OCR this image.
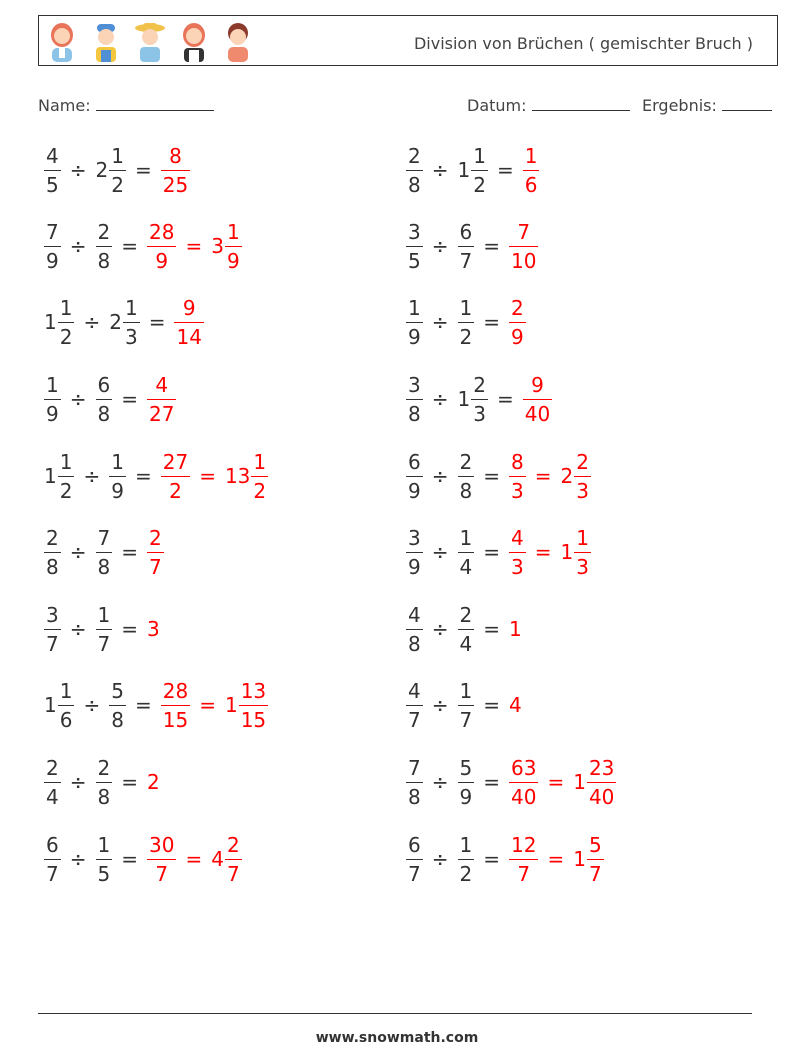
Division von Brüchen ( gemischter Bruch )
Name:	Datum:	Ergebnis:
$\frac{4}{5} \div 2 \frac{1}{2} = \frac{8}{25}$	$\frac{2}{8} \div 1 \frac{1}{2} = \frac{1}{6}$
$\frac{7}{9} \div \frac{2}{8} = \frac{28}{9} = 3 \frac{1}{9}$	$\frac{3}{5} \div \frac{6}{7} = \frac{7}{10}$
$1 \frac{1}{2} \div 2 \frac{1}{3} = \frac{9}{14}$	$\frac{1}{9} \div \frac{1}{2} = \frac{2}{9}$
$\frac{1}{9} \div \frac{6}{8} = \frac{4}{27}$	$\frac{3}{8} \div 1 \frac{2}{3} = \frac{9}{40}$
$1 \frac{1}{2} \div \frac{1}{9} = \frac{27}{2} = 13 \frac{1}{2}$	$\frac{6}{9} \div \frac{2}{8} = \frac{8}{3} = 2 \frac{2}{3}$
$\frac{2}{8} \div \frac{7}{8} = \frac{2}{7}$	$\frac{3}{9} \div \frac{1}{4} = \frac{4}{3} = 1 \frac{1}{3}$
$\frac{3}{7} \div \frac{1}{7} = 3$	$\frac{4}{8} \div \frac{2}{4} = 1$
$1 \frac{1}{6} \div \frac{5}{8} = \frac{28}{15} = 1 \frac{13}{15}$	$\frac{4}{7} \div \frac{1}{7} = 4$
$\frac{2}{4} \div \frac{2}{8} = 2$	$\frac{7}{8} \div \frac{5}{9} = \frac{63}{40} = 1 \frac{23}{40}$
$\frac{6}{7} \div \frac{1}{5} = \frac{30}{7} = 4 \frac{2}{7}$	$\frac{6}{7} \div \frac{1}{2} = \frac{12}{7} = 1 \frac{5}{7}$
www.snowmath.com
